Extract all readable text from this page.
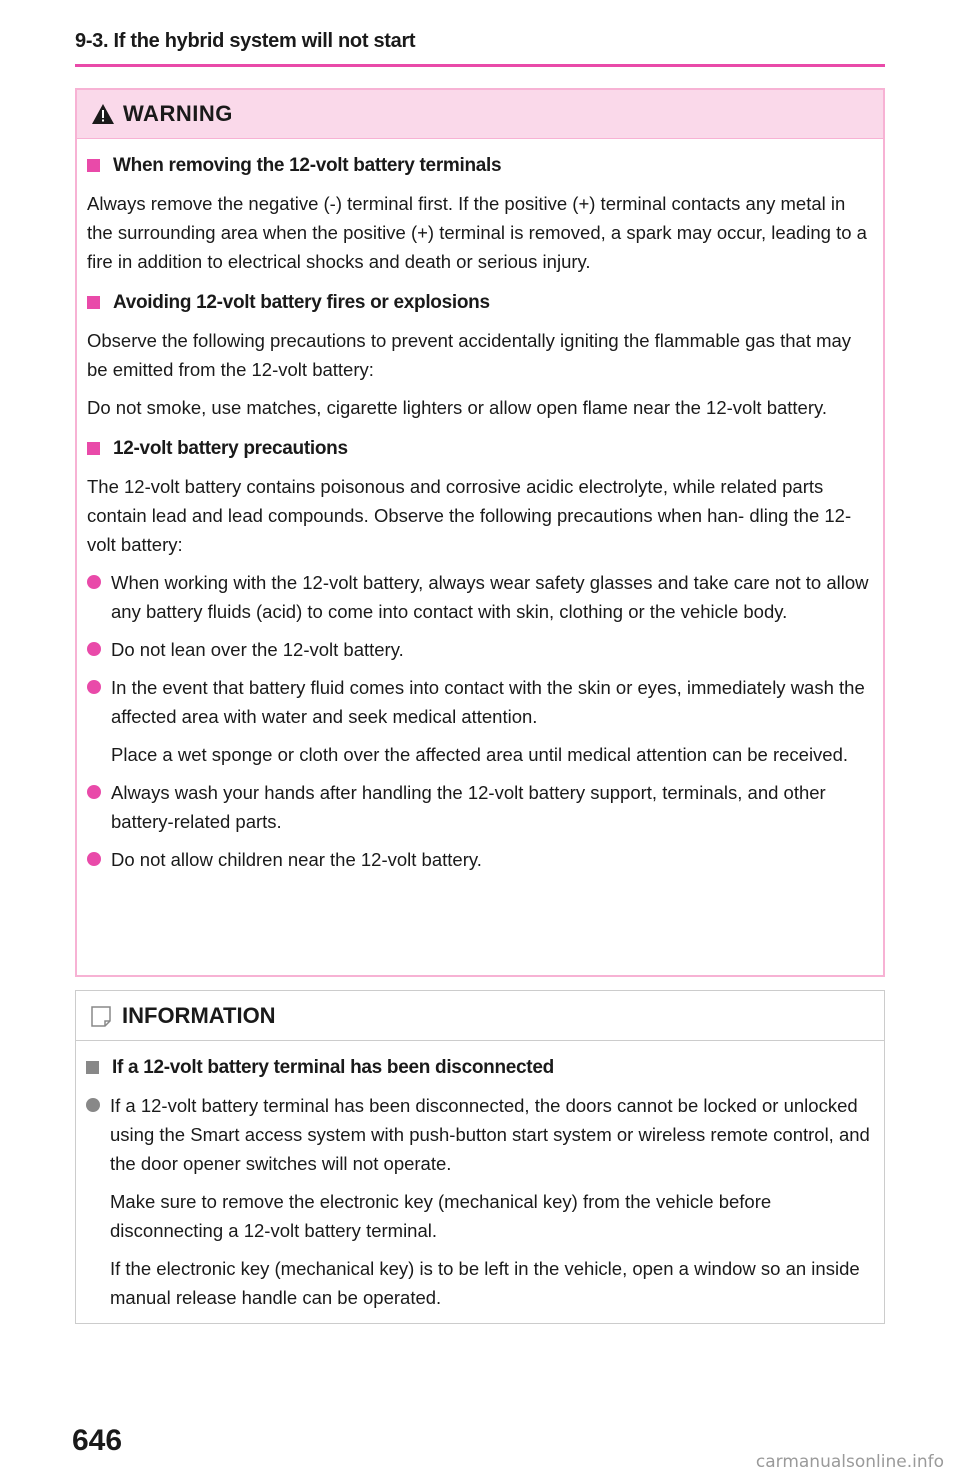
9-3. If the hybrid system will not start
WARNING
When removing the 12-volt battery terminals

Always remove the negative (-) terminal first. If the positive (+) terminal contacts any metal in the surrounding area when the positive (+) terminal is removed, a spark may occur, leading to a fire in addition to electrical shocks and death or serious injury.

Avoiding 12-volt battery fires or explosions

Observe the following precautions to prevent accidentally igniting the flammable gas that may be emitted from the 12-volt battery:

Do not smoke, use matches, cigarette lighters or allow open flame near the 12-volt battery.

12-volt battery precautions

The 12-volt battery contains poisonous and corrosive acidic electrolyte, while related parts contain lead and lead compounds. Observe the following precautions when han- dling the 12-volt battery:

When working with the 12-volt battery, always wear safety glasses and take care not to allow any battery fluids (acid) to come into contact with skin, clothing or the vehicle body.
Do not lean over the 12-volt battery.
In the event that battery fluid comes into contact with the skin or eyes, immediately wash the affected area with water and seek medical attention.

Place a wet sponge or cloth over the affected area until medical attention can be received.

Always wash your hands after handling the 12-volt battery support, terminals, and other battery-related parts.
Do not allow children near the 12-volt battery.
INFORMATION
If a 12-volt battery terminal has been disconnected
If a 12-volt battery terminal has been disconnected, the doors cannot be locked or unlocked using the Smart access system with push-button start system or wireless remote control, and the door opener switches will not operate.

Make sure to remove the electronic key (mechanical key) from the vehicle before disconnecting a 12-volt battery terminal.

If the electronic key (mechanical key) is to be left in the vehicle, open a window so an inside manual release handle can be operated.

646
carmanualsonline.info
